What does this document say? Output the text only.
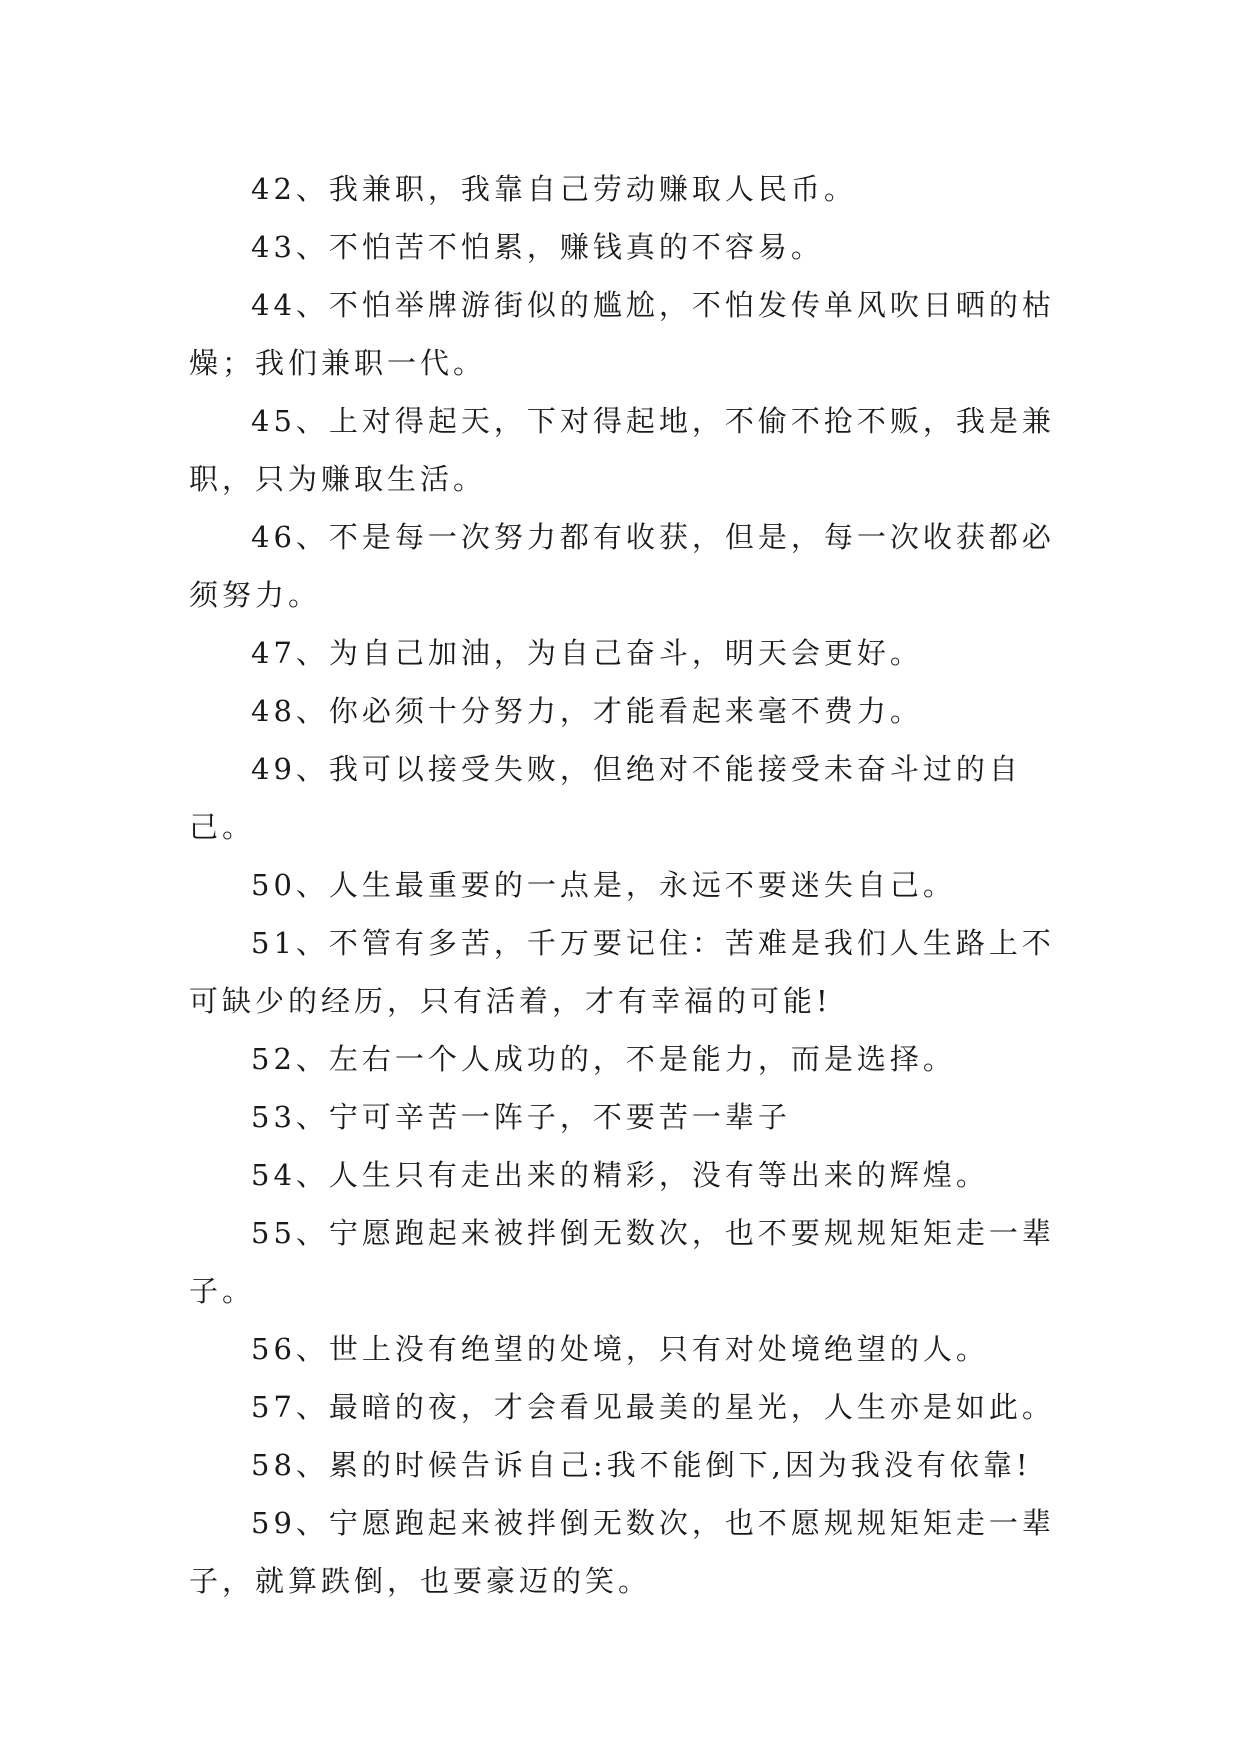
42、我兼职，我靠自己劳动赚取人民币。

43、不怕苦不怕累，赚钱真的不容易。

44、不怕举牌游街似的尴尬，不怕发传单风吹日晒的枯燥；我们兼职一代。

45、上对得起天，下对得起地，不偷不抢不贩，我是兼职，只为赚取生活。

46、不是每一次努力都有收获，但是，每一次收获都必须努力。

47、为自己加油，为自己奋斗，明天会更好。

48、你必须十分努力，才能看起来毫不费力。

49、我可以接受失败，但绝对不能接受未奋斗过的自己。

50、人生最重要的一点是，永远不要迷失自己。

51、不管有多苦，千万要记住：苦难是我们人生路上不可缺少的经历，只有活着，才有幸福的可能!

52、左右一个人成功的，不是能力，而是选择。

53、宁可辛苦一阵子，不要苦一辈子

54、人生只有走出来的精彩，没有等出来的辉煌。

55、宁愿跑起来被拌倒无数次，也不要规规矩矩走一辈子。

56、世上没有绝望的处境，只有对处境绝望的人。

57、最暗的夜，才会看见最美的星光，人生亦是如此。

58、累的时候告诉自己:我不能倒下,因为我没有依靠!

59、宁愿跑起来被拌倒无数次，也不愿规规矩矩走一辈子，就算跌倒，也要豪迈的笑。
